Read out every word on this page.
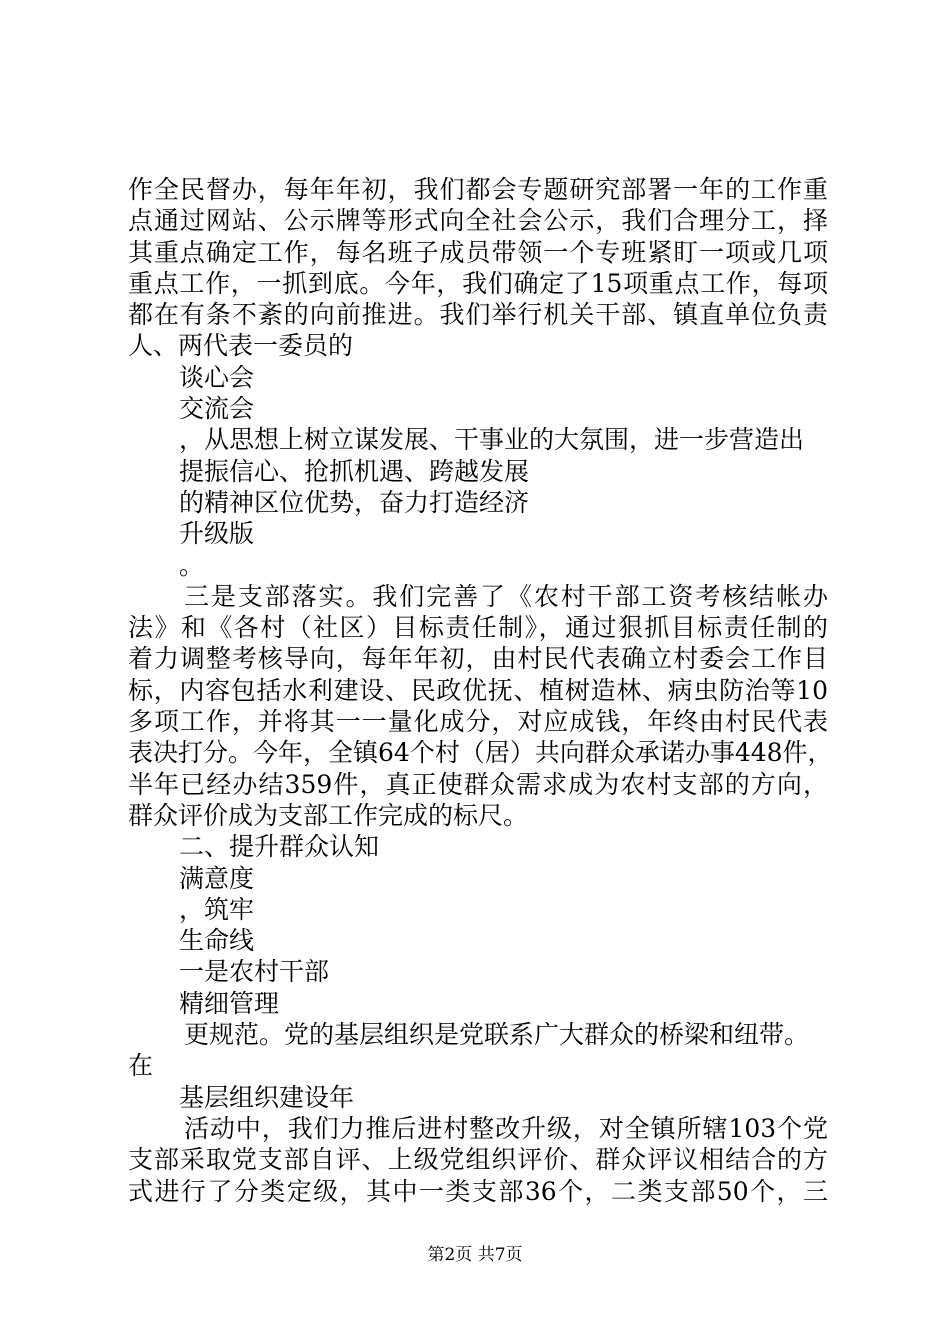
作全民督办，每年年初，我们都会专题研究部署一年的工作重
点通过网站、公示牌等形式向全社会公示，我们合理分工，择
其重点确定工作，每名班子成员带领一个专班紧盯一项或几项
重点工作，一抓到底。今年，我们确定了15项重点工作，每项
都在有条不紊的向前推进。我们举行机关干部、镇直单位负责
人、两代表一委员的
谈心会
交流会
，从思想上树立谋发展、干事业的大氛围，进一步营造出
提振信心、抢抓机遇、跨越发展
的精神区位优势，奋力打造经济
升级版
。
三是支部落实。我们完善了《农村干部工资考核结帐办
法》和《各村（社区）目标责任制》，通过狠抓目标责任制的
着力调整考核导向，每年年初，由村民代表确立村委会工作目
标，内容包括水利建设、民政优抚、植树造林、病虫防治等10
多项工作，并将其一一量化成分，对应成钱，年终由村民代表
表决打分。今年，全镇64个村（居）共向群众承诺办事448件，
半年已经办结359件，真正使群众需求成为农村支部的方向，
群众评价成为支部工作完成的标尺。
二、提升群众认知
满意度
，筑牢
生命线
一是农村干部
精细管理
更规范。党的基层组织是党联系广大群众的桥梁和纽带。
在
基层组织建设年
活动中，我们力推后进村整改升级，对全镇所辖103个党
支部采取党支部自评、上级党组织评价、群众评议相结合的方
式进行了分类定级，其中一类支部36个，二类支部50个，三
第2页 共7页
